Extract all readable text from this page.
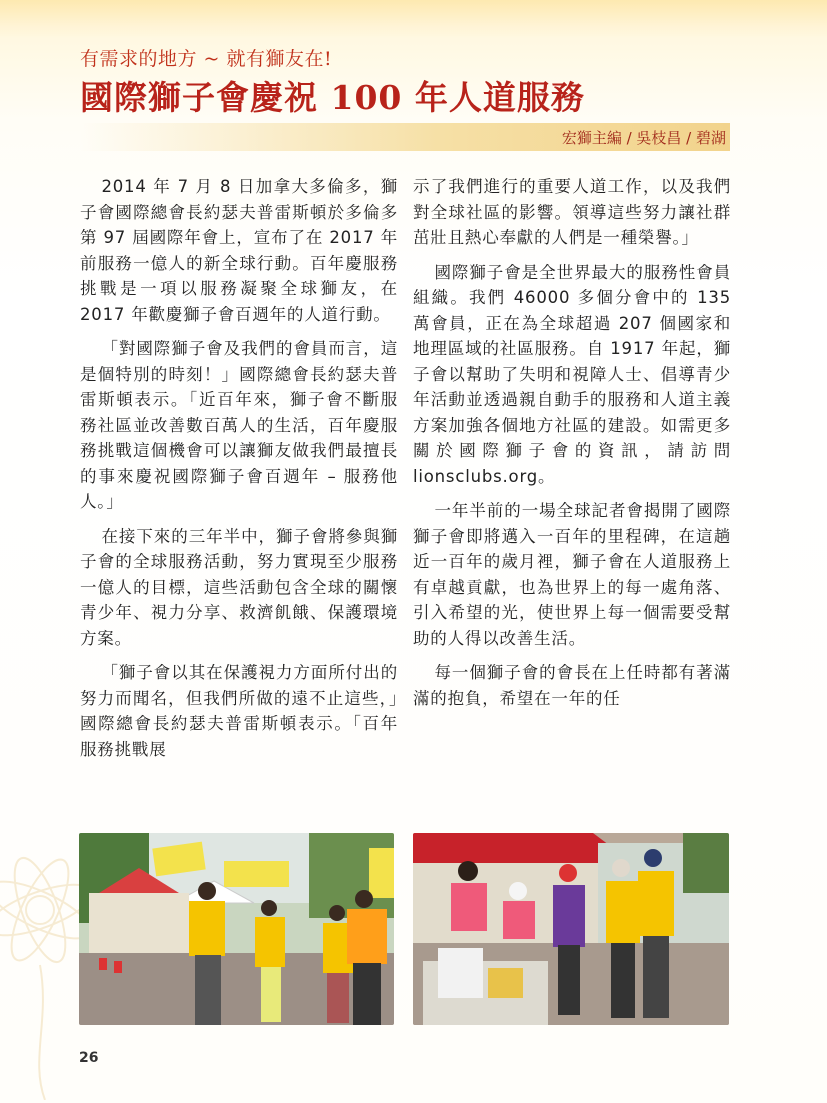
有需求的地方 ~ 就有獅友在!
國際獅子會慶祝 100 年人道服務
宏獅主編 / 吳枝昌 / 碧湖

2014 年 7 月 8 日加拿大多倫多，獅子會國際總會長約瑟夫普雷斯頓於多倫多第 97 屆國際年會上，宣布了在 2017 年前服務一億人的新全球行動。百年慶服務挑戰是一項以服務凝聚全球獅友，在 2017 年歡慶獅子會百週年的人道行動。

「對國際獅子會及我們的會員而言，這是個特別的時刻！」國際總會長約瑟夫普雷斯頓表示。「近百年來，獅子會不斷服務社區並改善數百萬人的生活，百年慶服務挑戰這個機會可以讓獅友做我們最擅長的事來慶祝國際獅子會百週年 – 服務他人。」

在接下來的三年半中，獅子會將參與獅子會的全球服務活動，努力實現至少服務一億人的目標，這些活動包含全球的關懷青少年、視力分享、救濟飢餓、保護環境方案。

「獅子會以其在保護視力方面所付出的努力而聞名，但我們所做的遠不止這些，」國際總會長約瑟夫普雷斯頓表示。「百年服務挑戰展

示了我們進行的重要人道工作，以及我們對全球社區的影響。領導這些努力讓社群茁壯且熱心奉獻的人們是一種榮譽。」

國際獅子會是全世界最大的服務性會員組織。我們 46000 多個分會中的 135 萬會員，正在為全球超過 207 個國家和地理區域的社區服務。自 1917 年起，獅子會以幫助了失明和視障人士、倡導青少年活動並透過親自動手的服務和人道主義方案加強各個地方社區的建設。如需更多關於國際獅子會的資訊，請訪問 lionsclubs.org。

一年半前的一場全球記者會揭開了國際獅子會即將邁入一百年的里程碑，在這趟近一百年的歲月裡，獅子會在人道服務上有卓越貢獻，也為世界上的每一處角落、引入希望的光，使世界上每一個需要受幫助的人得以改善生活。

每一個獅子會的會長在上任時都有著滿滿的抱負，希望在一年的任

26
